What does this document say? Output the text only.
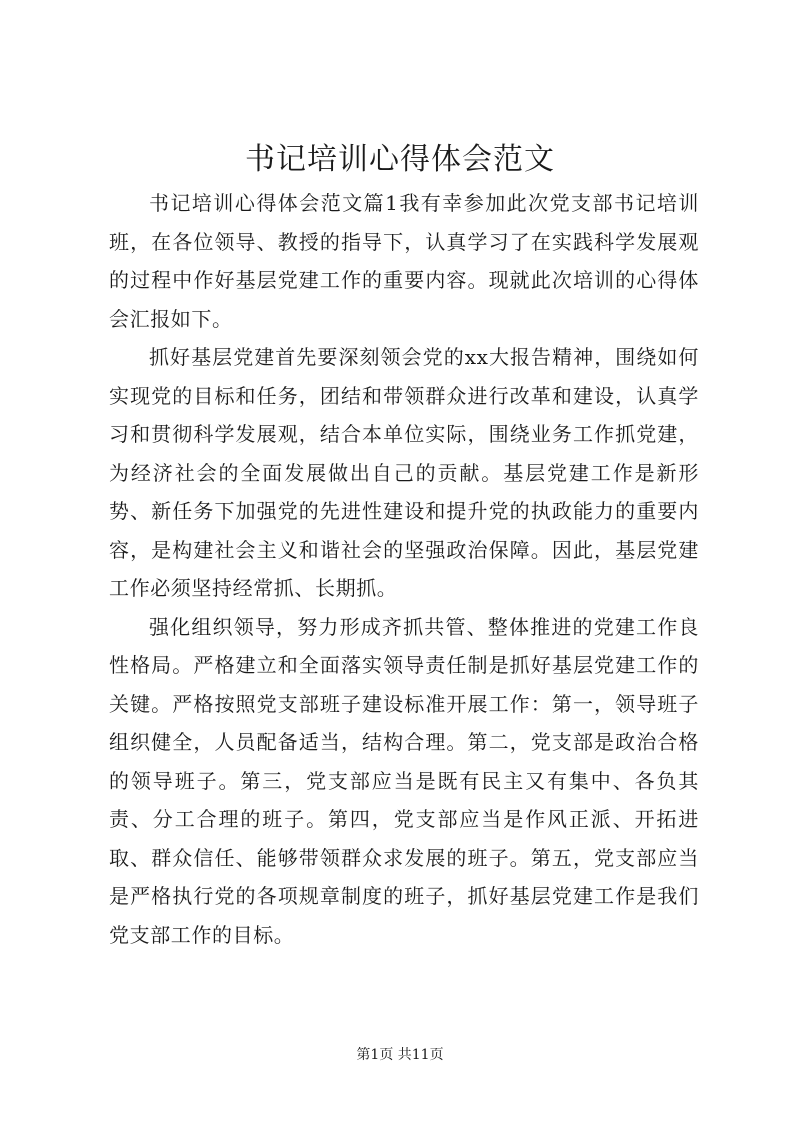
书记培训心得体会范文

书记培训心得体会范文篇1我有幸参加此次党支部书记培训班，在各位领导、教授的指导下，认真学习了在实践科学发展观的过程中作好基层党建工作的重要内容。现就此次培训的心得体会汇报如下。

抓好基层党建首先要深刻领会党的xx大报告精神，围绕如何实现党的目标和任务，团结和带领群众进行改革和建设，认真学习和贯彻科学发展观，结合本单位实际，围绕业务工作抓党建，为经济社会的全面发展做出自己的贡献。基层党建工作是新形势、新任务下加强党的先进性建设和提升党的执政能力的重要内容，是构建社会主义和谐社会的坚强政治保障。因此，基层党建工作必须坚持经常抓、长期抓。

强化组织领导，努力形成齐抓共管、整体推进的党建工作良性格局。严格建立和全面落实领导责任制是抓好基层党建工作的关键。严格按照党支部班子建设标准开展工作：第一，领导班子组织健全，人员配备适当，结构合理。第二，党支部是政治合格的领导班子。第三，党支部应当是既有民主又有集中、各负其责、分工合理的班子。第四，党支部应当是作风正派、开拓进取、群众信任、能够带领群众求发展的班子。第五，党支部应当是严格执行党的各项规章制度的班子，抓好基层党建工作是我们党支部工作的目标。

第1页 共11页
